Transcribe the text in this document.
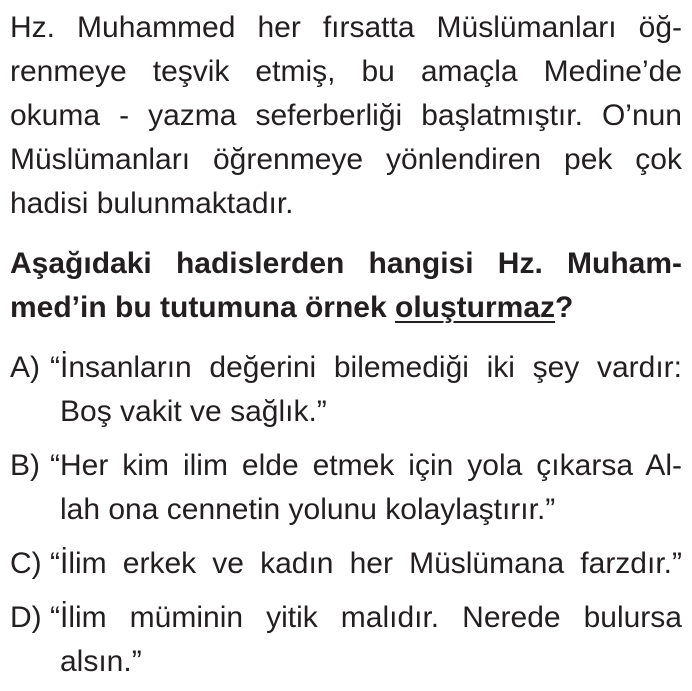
Hz. Muhammed her fırsatta Müslümanları öğ-
renmeye teşvik etmiş, bu amaçla Medine’de
okuma - yazma seferberliği başlatmıştır. O’nun
Müslümanları öğrenmeye yönlendiren pek çok
hadisi bulunmaktadır.
Aşağıdaki hadislerden hangisi Hz. Muham-
med’in bu tutumuna örnek oluşturmaz?
A) “İnsanların değerini bilemediği iki şey vardır:
Boş vakit ve sağlık.”
B) “Her kim ilim elde etmek için yola çıkarsa Al-
lah ona cennetin yolunu kolaylaştırır.”
C) “İlim erkek ve kadın her Müslümana farzdır.”
D) “İlim müminin yitik malıdır. Nerede bulursa
alsın.”
